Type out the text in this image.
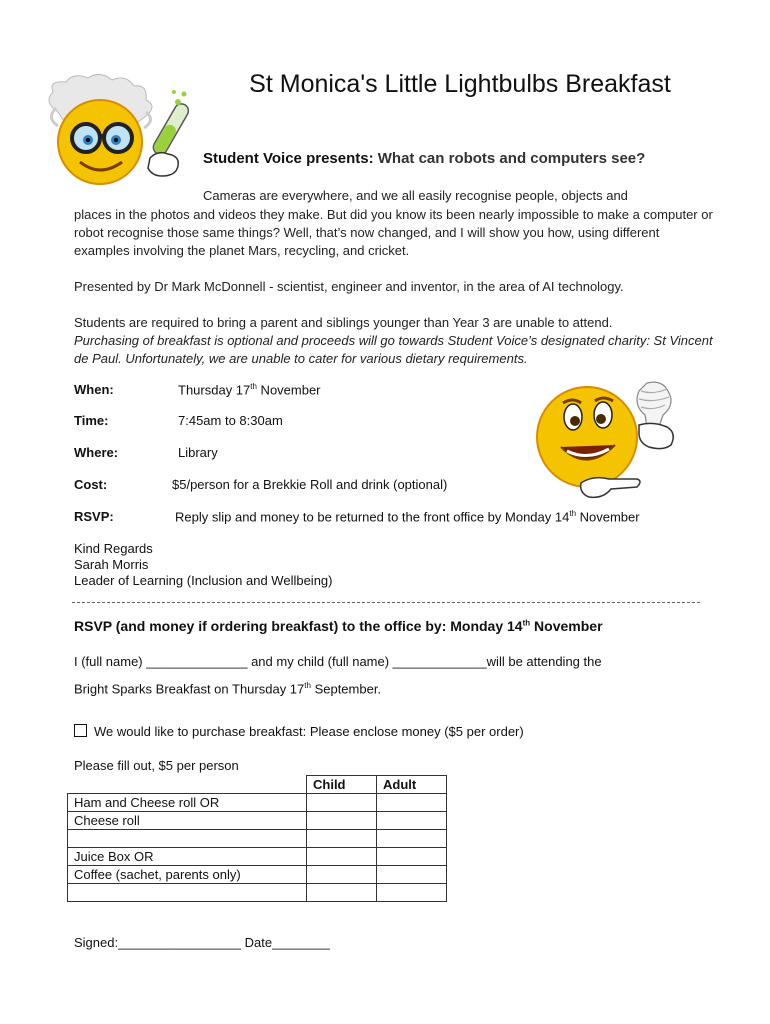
St Monica's Little Lightbulbs Breakfast
Student Voice presents: What can robots and computers see?
Cameras are everywhere, and we all easily recognise people, objects and
places in the photos and videos they make. But did you know its been nearly impossible to make a computer or robot recognise those same things? Well, that’s now changed, and I will show you how, using different examples involving the planet Mars, recycling, and cricket.
Presented by Dr Mark McDonnell - scientist, engineer and inventor, in the area of AI technology.
Students are required to bring a parent and siblings younger than Year 3 are unable to attend.
Purchasing of breakfast is optional and proceeds will go towards Student Voice’s designated charity: St Vincent de Paul. Unfortunately, we are unable to cater for various dietary requirements.
When:	Thursday 17th November
Time:	7:45am to 8:30am
Where:	Library
Cost:	$5/person for a Brekkie Roll and drink (optional)
RSVP:	Reply slip and money to be returned to the front office by Monday 14th November
Kind Regards
Sarah Morris
Leader of Learning (Inclusion and Wellbeing)
RSVP (and money if ordering breakfast) to the office by: Monday 14th November
I (full name) ______________ and my child (full name) _____________will be attending the
Bright Sparks Breakfast on Thursday 17th September.
We would like to purchase breakfast: Please enclose money ($5 per order)
Please fill out, $5 per person
	Child	Adult
Ham and Cheese roll OR		
Cheese roll		

Juice Box OR		
Coffee (sachet, parents only)		

Signed:_________________ Date________
